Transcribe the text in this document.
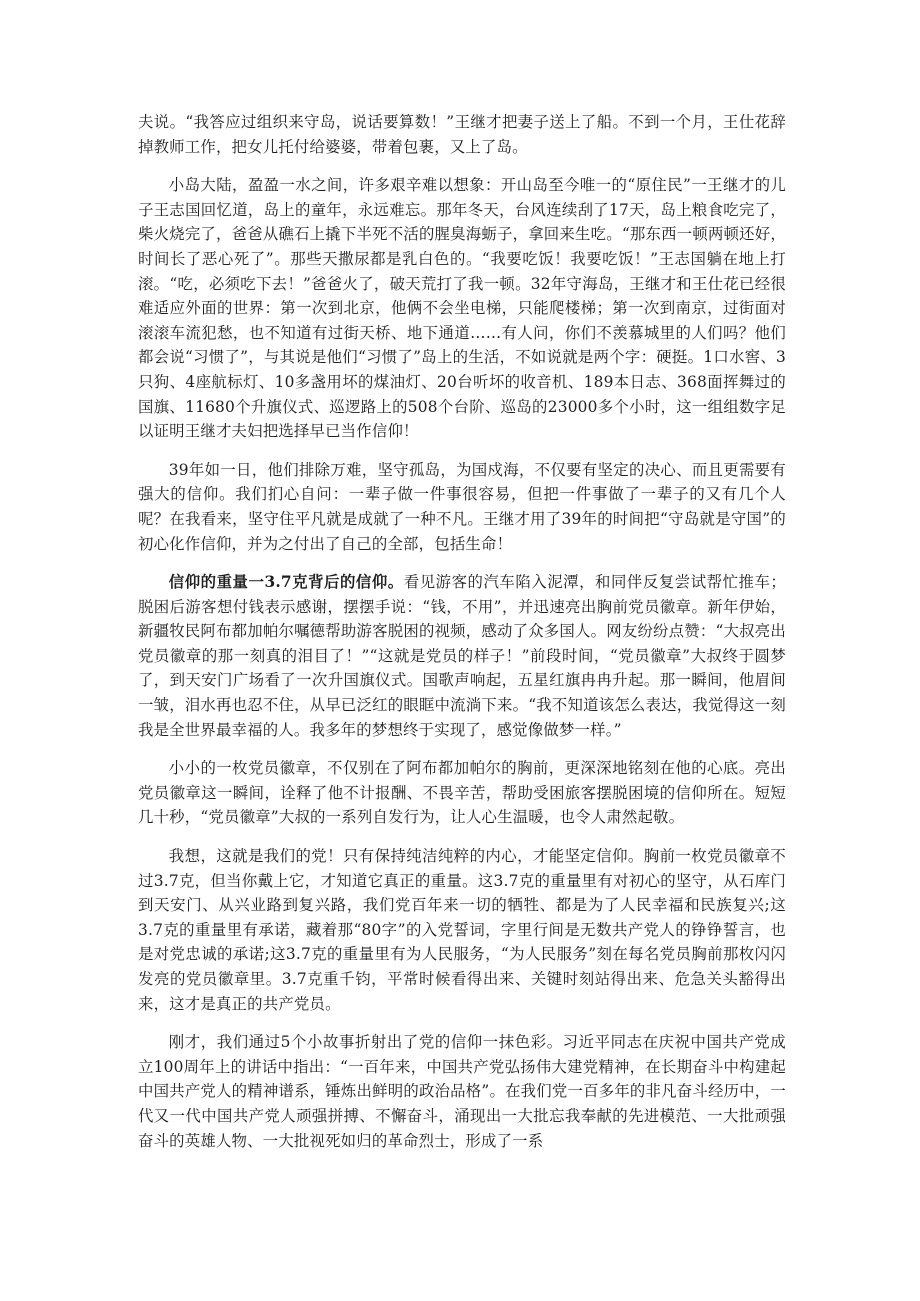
夫说。“我答应过组织来守岛，说话要算数！”王继才把妻子送上了船。不到一个月，王仕花辞掉教师工作，把女儿托付给婆婆，带着包裹，又上了岛。

小岛大陆，盈盈一水之间，许多艰辛难以想象：开山岛至今唯一的“原住民”一王继才的儿子王志国回忆道，岛上的童年，永远难忘。那年冬天，台风连续刮了17天，岛上粮食吃完了，柴火烧完了，爸爸从礁石上撬下半死不活的腥臭海蛎子，拿回来生吃。“那东西一顿两顿还好，时间长了恶心死了”。那些天撒尿都是乳白色的。“我要吃饭！我要吃饭！”王志国躺在地上打滚。“吃，必须吃下去！”爸爸火了，破天荒打了我一顿。32年守海岛，王继才和王仕花已经很难适应外面的世界：第一次到北京，他俩不会坐电梯，只能爬楼梯；第一次到南京，过街面对滚滚车流犯愁，也不知道有过街天桥、地下通道……有人问，你们不羡慕城里的人们吗？他们都会说“习惯了”，与其说是他们“习惯了”岛上的生活，不如说就是两个字：硬挺。1口水窖、3只狗、4座航标灯、10多盏用坏的煤油灯、20台听坏的收音机、189本日志、368面挥舞过的国旗、11680个升旗仪式、巡逻路上的508个台阶、巡岛的23000多个小时，这一组组数字足以证明王继才夫妇把选择早已当作信仰！

39年如一日，他们排除万难，坚守孤岛，为国戍海，不仅要有坚定的决心、而且更需要有强大的信仰。我们扪心自问：一辈子做一件事很容易，但把一件事做了一辈子的又有几个人呢？在我看来，坚守住平凡就是成就了一种不凡。王继才用了39年的时间把“守岛就是守国”的初心化作信仰，并为之付出了自己的全部，包括生命！

信仰的重量一3.7克背后的信仰。看见游客的汽车陷入泥潭，和同伴反复尝试帮忙推车；脱困后游客想付钱表示感谢，摆摆手说：“钱，不用”，并迅速亮出胸前党员徽章。新年伊始，新疆牧民阿布都加帕尔嘱德帮助游客脱困的视频，感动了众多国人。网友纷纷点赞：“大叔亮出党员徽章的那一刻真的泪目了！”“这就是党员的样子！”前段时间，“党员徽章”大叔终于圆梦了，到天安门广场看了一次升国旗仪式。国歌声响起，五星红旗冉冉升起。那一瞬间，他眉间一皱，泪水再也忍不住，从早已泛红的眼眶中流淌下来。“我不知道该怎么表达，我觉得这一刻我是全世界最幸福的人。我多年的梦想终于实现了，感觉像做梦一样。”

小小的一枚党员徽章，不仅别在了阿布都加帕尔的胸前，更深深地铭刻在他的心底。亮出党员徽章这一瞬间，诠释了他不计报酬、不畏辛苦，帮助受困旅客摆脱困境的信仰所在。短短几十秒，“党员徽章”大叔的一系列自发行为，让人心生温暖，也令人肃然起敬。

我想，这就是我们的党！只有保持纯洁纯粹的内心，才能坚定信仰。胸前一枚党员徽章不过3.7克，但当你戴上它，才知道它真正的重量。这3.7克的重量里有对初心的坚守，从石库门到天安门、从兴业路到复兴路，我们党百年来一切的牺牲、都是为了人民幸福和民族复兴;这3.7克的重量里有承诺，藏着那“80字”的入党誓词，字里行间是无数共产党人的铮铮誓言，也是对党忠诚的承诺;这3.7克的重量里有为人民服务，“为人民服务”刻在每名党员胸前那枚闪闪发亮的党员徽章里。3.7克重千钧，平常时候看得出来、关键时刻站得出来、危急关头豁得出来，这才是真正的共产党员。

刚才，我们通过5个小故事折射出了党的信仰一抹色彩。习近平同志在庆祝中国共产党成立100周年上的讲话中指出：“一百年来，中国共产党弘扬伟大建党精神，在长期奋斗中构建起中国共产党人的精神谱系，锤炼出鲜明的政治品格”。在我们党一百多年的非凡奋斗经历中，一代又一代中国共产党人顽强拼搏、不懈奋斗，涌现出一大批忘我奉献的先进模范、一大批顽强奋斗的英雄人物、一大批视死如归的革命烈士，形成了一系
